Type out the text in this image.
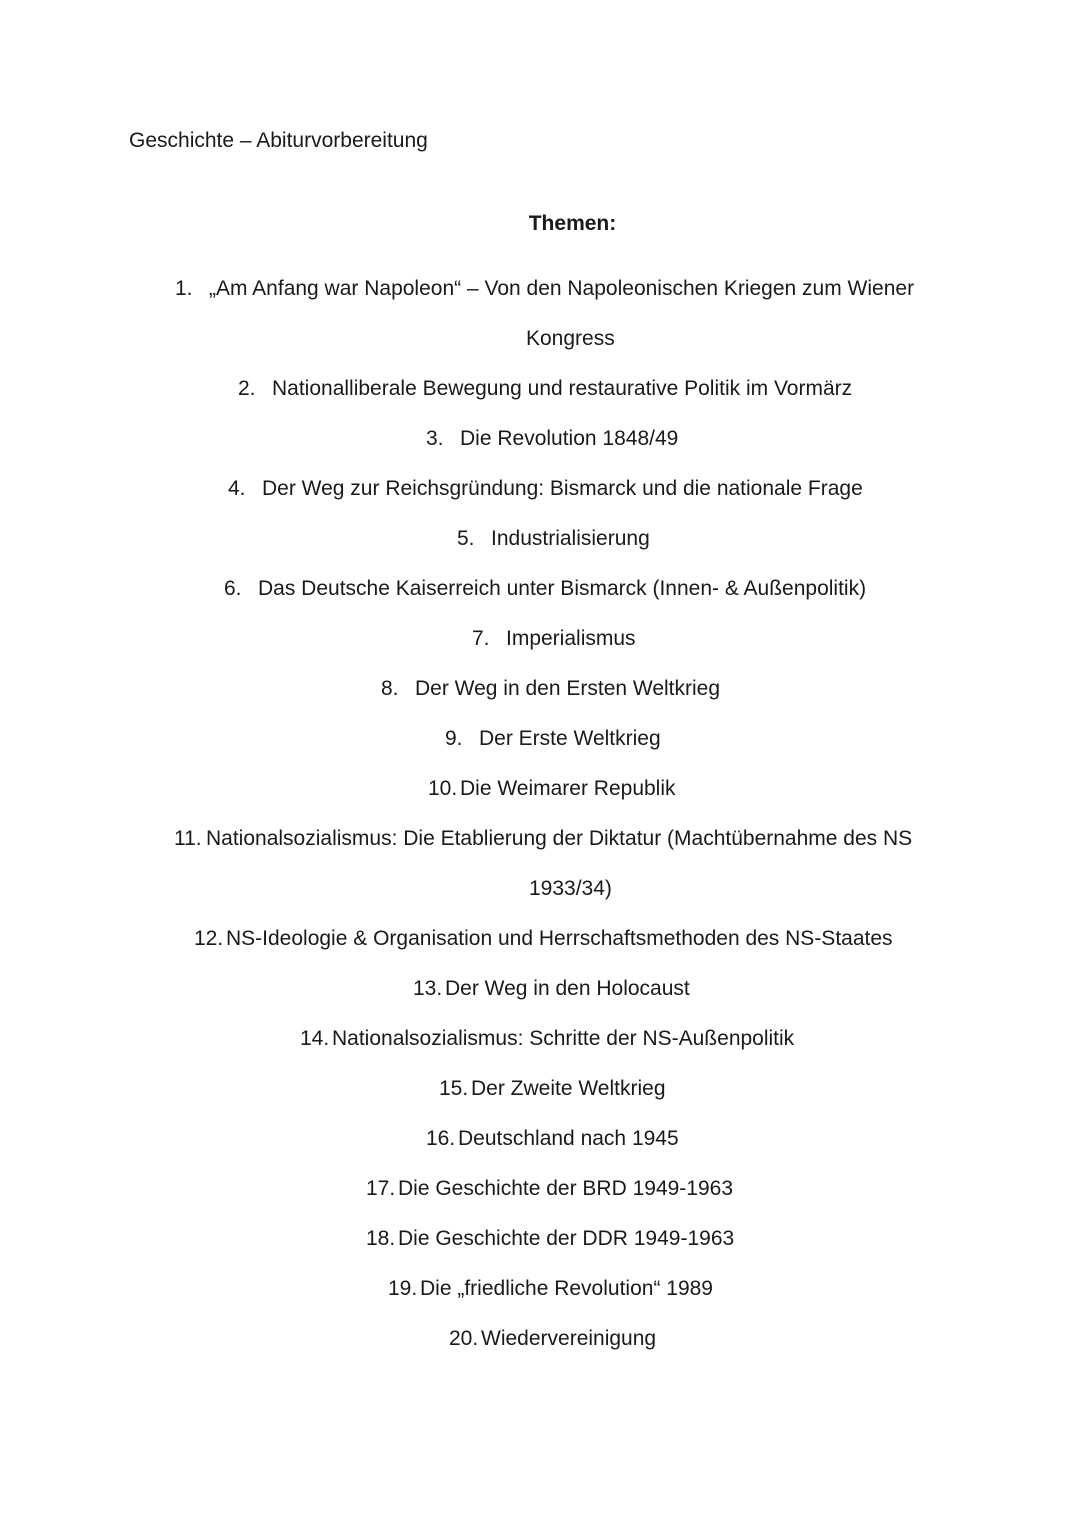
Geschichte – Abiturvorbereitung
Themen:
1. „Am Anfang war Napoleon“ – Von den Napoleonischen Kriegen zum Wiener
Kongress
2. Nationalliberale Bewegung und restaurative Politik im Vormärz
3. Die Revolution 1848/49
4. Der Weg zur Reichsgründung: Bismarck und die nationale Frage
5. Industrialisierung
6. Das Deutsche Kaiserreich unter Bismarck (Innen- & Außenpolitik)
7. Imperialismus
8. Der Weg in den Ersten Weltkrieg
9. Der Erste Weltkrieg
10. Die Weimarer Republik
11. Nationalsozialismus: Die Etablierung der Diktatur (Machtübernahme des NS
1933/34)
12. NS-Ideologie & Organisation und Herrschaftsmethoden des NS-Staates
13. Der Weg in den Holocaust
14. Nationalsozialismus: Schritte der NS-Außenpolitik
15. Der Zweite Weltkrieg
16. Deutschland nach 1945
17. Die Geschichte der BRD 1949-1963
18. Die Geschichte der DDR 1949-1963
19. Die „friedliche Revolution“ 1989
20. Wiedervereinigung
